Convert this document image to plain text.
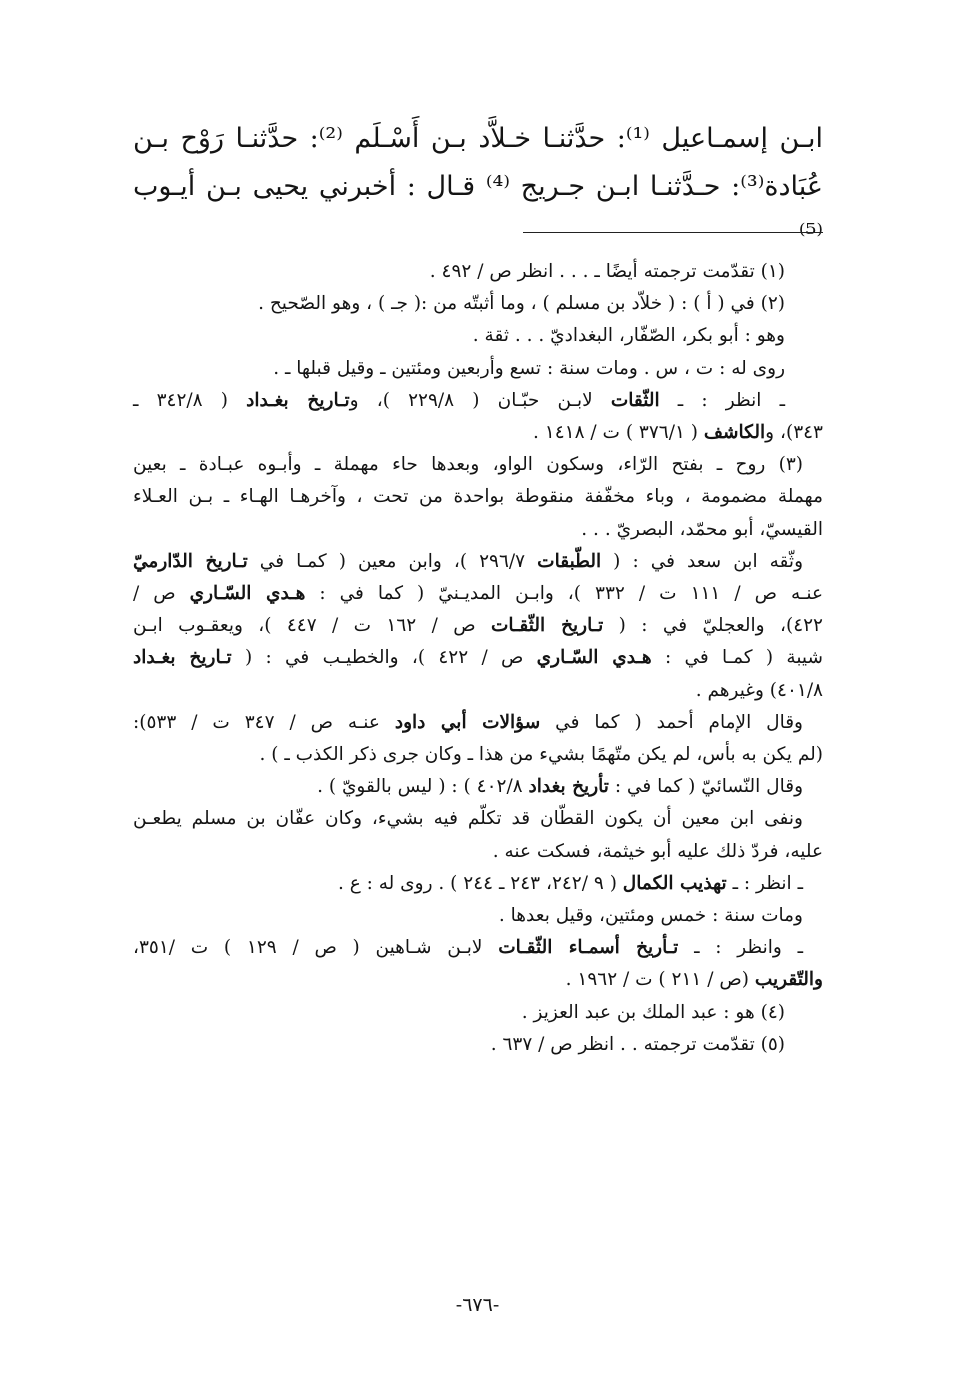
ابـن إسمـاعيل ⁽¹⁾: حدَّثنـا خـلاَّد بـن أَسْـلَم ⁽²⁾: حدَّثنـا رَوْح بـن

عُبَادة⁽³⁾: حـدَّثنـا ابـن جـريج ⁽⁴⁾ قـال : أخبرني يحيى بـن أيـوب ⁽⁵⁾

(١) تقدّمت ترجمته أيضًا ـ . . . انظر ص / ٤٩٢ .

(٢) في ( أ ) : ( خلاّد بن مسلم ) ، وما أثبتّه من :( جـ ) ، وهو الصّحيح .

وهو : أبو بكر، الصّفّار، البغداديّ . . . ثقة .

روى له : ت ، س . ومات سنة : تسع وأربعين ومئتين ـ وقيل قبلها ـ .

ـ انظر : ـ الثّقات لابـن حبّـان ( ٢٢٩/٨ )، وتـاريخ بغـداد ( ٣٤٢/٨ ـ

٣٤٣)، والكاشف ( ٣٧٦/١ ) ت / ١٤١٨ .

(٣) روح ـ بفتح الرّاء، وسكون الواو، وبعدها حاء مهملة ـ وأبـوه عبـادة ـ بعين

مهملة مضمومة ، وباء مخفّفة منقوطة بواحدة من تحت ، وآخرهـا الهـاء ـ بـن العـلاء

القيسيّ، أبو محمّد، البصريّ . . .

وثّقه ابن سعد في : ( الطّبقات ٢٩٦/٧ )، وابن معين ( كمـا في تـاريخ الدّارميّ

عنـه ص / ١١١ ت / ٣٣٢ )، وابـن المديـنيّ ( كما في : هـدي السّـاري ص /

٤٢٢)، والعجليّ في : ( تـاريخ الثّقـات ص / ١٦٢ ت / ٤٤٧ )، ويعقـوب ابـن

شيبة ( كمـا في : هـدي السّـاري ص / ٤٢٢ )، والخطيـب في : ( تـاريخ بغـداد

٤٠١/٨) وغيرهم .

وقال الإمام أحمد ( كما في سؤالات أبي داود عنـه ص / ٣٤٧ ت / ٥٣٣):

(لم يكن به بأس، لم يكن متّهمًا بشيء من هذا ـ وكان جرى ذكر الكذب ـ ) .

وقال النّسائيّ ( كما في : تأريخ بغداد ٤٠٢/٨ ) : ( ليس بالقويّ ) .

ونفى ابن معين أن يكون القطّان قد تكلّم فيه بشيء، وكان عفّان بن مسلم يطعـن

عليه، فردّ ذلك عليه أبو خيثمة، فسكت عنه .

ـ انظر : ـ تهذيب الكمال ( ٩ /٢٤٢، ٢٤٣ ـ ٢٤٤ ) . روى له : ع .

ومات سنة : خمس ومئتين، وقيل بعدها .

ـ وانظر : ـ تـأريخ أسمـاء الثّقـات لابـن شـاهين ( ص / ١٢٩ ) ت /٣٥١،

والتّقريب (ص / ٢١١ ) ت / ١٩٦٢ .

(٤) هو : عبد الملك بن عبد العزيز .

(٥) تقدّمت ترجمته . . انظر ص / ٦٣٧ .

-٦٧٦-
